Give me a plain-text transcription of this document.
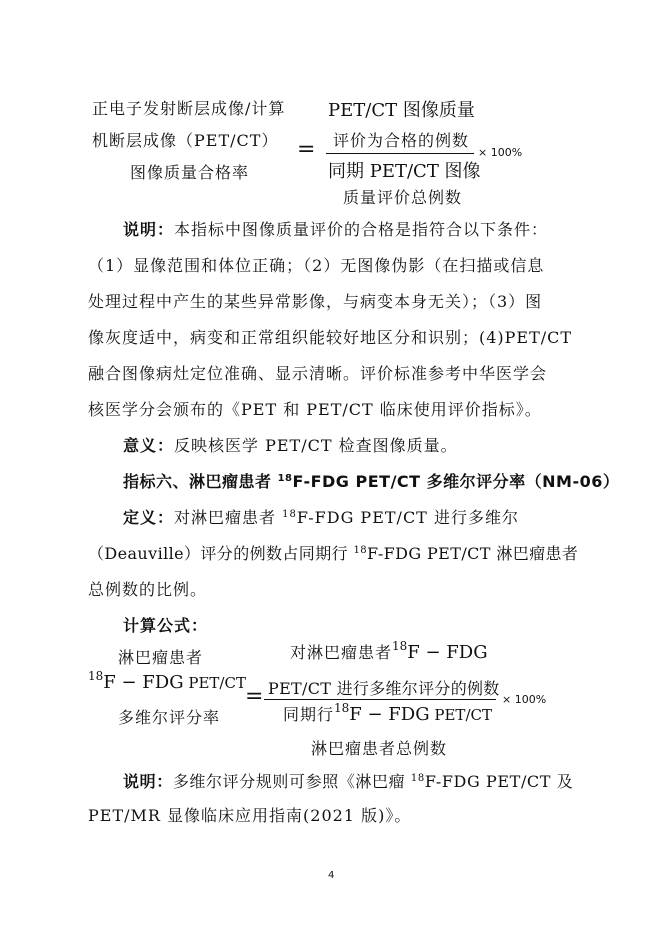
正电子发射断层成像/计算
机断层成像（PET/CT）
图像质量合格率
=
PET/CT 图像质量
评价为合格的例数
同期 PET/CT 图像
质量评价总例数
× 100%
说明：本指标中图像质量评价的合格是指符合以下条件：
（1）显像范围和体位正确；（2）无图像伪影（在扫描或信息
处理过程中产生的某些异常影像，与病变本身无关）；（3）图
像灰度适中，病变和正常组织能较好地区分和识别；(4)PET/CT
融合图像病灶定位准确、显示清晰。评价标准参考中华医学会
核医学分会颁布的《PET 和 PET/CT 临床使用评价指标》。
意义：反映核医学 PET/CT 检查图像质量。
指标六、淋巴瘤患者 $^{18}$F-FDG PET/CT 多维尔评分率（NM-06）
定义：对淋巴瘤患者 $^{18}$F-FDG PET/CT 进行多维尔
（Deauville）评分的例数占同期行 $^{18}$F-FDG PET/CT 淋巴瘤患者
总例数的比例。
计算公式：
淋巴瘤患者
$^{18}$F − FDG PET/CT
多维尔评分率
=
对淋巴瘤患者$^{18}$F − FDG
PET/CT 进行多维尔评分的例数
同期行$^{18}$F − FDG PET/CT
淋巴瘤患者总例数
× 100%
说明：多维尔评分规则可参照《淋巴瘤 $^{18}$F-FDG PET/CT 及
PET/MR 显像临床应用指南(2021 版)》。
4
